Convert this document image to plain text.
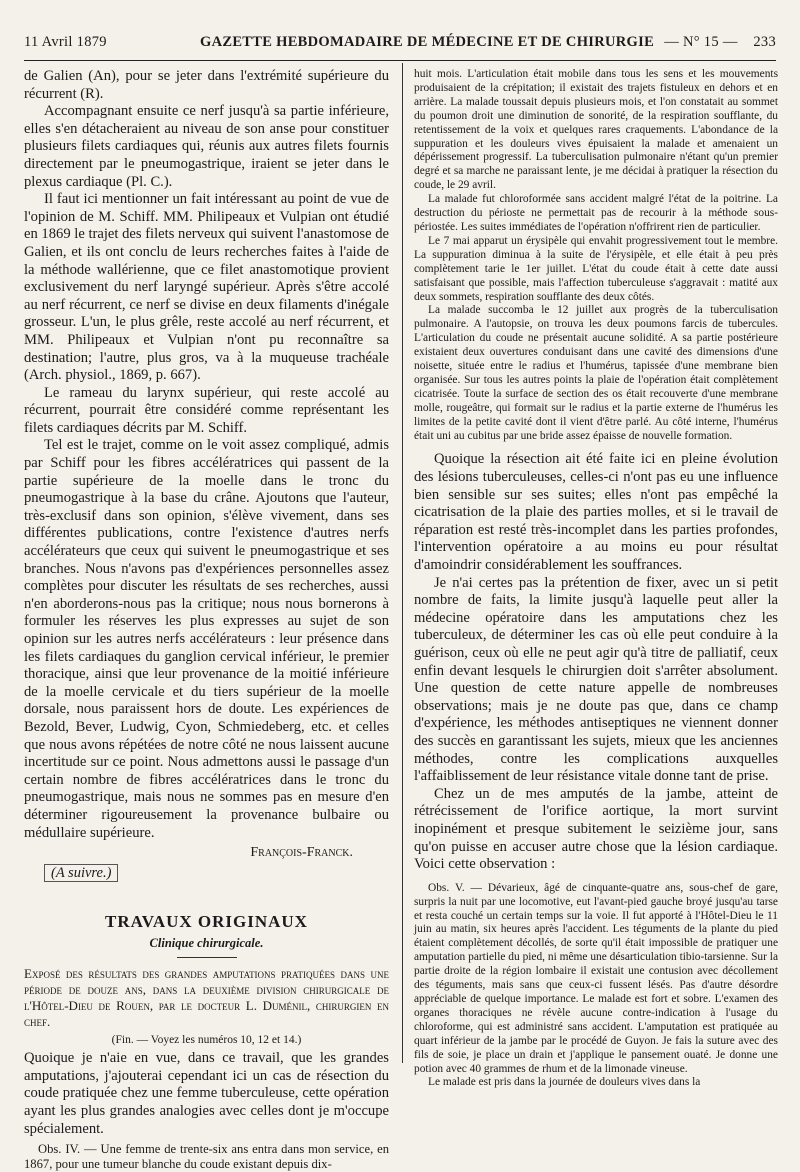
11 Avril 1879	GAZETTE HEBDOMADAIRE DE MÉDECINE ET DE CHIRURGIE — N° 15 — 233

de Galien (An), pour se jeter dans l'extrémité supérieure du récurrent (R).

Accompagnant ensuite ce nerf jusqu'à sa partie inférieure, elles s'en détacheraient au niveau de son anse pour constituer plusieurs filets cardiaques qui, réunis aux autres filets fournis directement par le pneumogastrique, iraient se jeter dans le plexus cardiaque (Pl. C.).

Il faut ici mentionner un fait intéressant au point de vue de l'opinion de M. Schiff. MM. Philipeaux et Vulpian ont étudié en 1869 le trajet des filets nerveux qui suivent l'anastomose de Galien, et ils ont conclu de leurs recherches faites à l'aide de la méthode wallérienne, que ce filet anastomotique provient exclusivement du nerf laryngé supérieur. Après s'être accolé au nerf récurrent, ce nerf se divise en deux filaments d'inégale grosseur. L'un, le plus grêle, reste accolé au nerf récurrent, et MM. Philipeaux et Vulpian n'ont pu reconnaître sa destination; l'autre, plus gros, va à la muqueuse trachéale (Arch. physiol., 1869, p. 667).

Le rameau du larynx supérieur, qui reste accolé au récurrent, pourrait être considéré comme représentant les filets cardiaques décrits par M. Schiff.

Tel est le trajet, comme on le voit assez compliqué, admis par Schiff pour les fibres accélératrices qui passent de la partie supérieure de la moelle dans le tronc du pneumogastrique à la base du crâne. Ajoutons que l'auteur, très-exclusif dans son opinion, s'élève vivement, dans ses différentes publications, contre l'existence d'autres nerfs accélérateurs que ceux qui suivent le pneumogastrique et ses branches. Nous n'avons pas d'expériences personnelles assez complètes pour discuter les résultats de ses recherches, aussi n'en aborderons-nous pas la critique; nous nous bornerons à formuler les réserves les plus expresses au sujet de son opinion sur les autres nerfs accélérateurs : leur présence dans les filets cardiaques du ganglion cervical inférieur, le premier thoracique, ainsi que leur provenance de la moitié inférieure de la moelle cervicale et du tiers supérieur de la moelle dorsale, nous paraissent hors de doute. Les expériences de Bezold, Bever, Ludwig, Cyon, Schmiedeberg, etc. et celles que nous avons répétées de notre côté ne nous laissent aucune incertitude sur ce point. Nous admettons aussi le passage d'un certain nombre de fibres accélératrices dans le tronc du pneumogastrique, mais nous ne sommes pas en mesure d'en déterminer rigoureusement la provenance bulbaire ou médullaire supérieure.

François-Franck.

(A suivre.)

TRAVAUX ORIGINAUX
Clinique chirurgicale.

Exposé des résultats des grandes amputations pratiquées dans une période de douze ans, dans la deuxième division chirurgicale de l'Hôtel-Dieu de Rouen, par le docteur L. Duménil, chirurgien en chef.

(Fin. — Voyez les numéros 10, 12 et 14.)

Quoique je n'aie en vue, dans ce travail, que les grandes amputations, j'ajouterai cependant ici un cas de résection du coude pratiquée chez une femme tuberculeuse, cette opération ayant les plus grandes analogies avec celles dont je m'occupe spécialement.

Obs. IV. — Une femme de trente-six ans entra dans mon service, en 1867, pour une tumeur blanche du coude existant depuis dix-

huit mois. L'articulation était mobile dans tous les sens et les mouvements produisaient de la crépitation; il existait des trajets fistuleux en dehors et en arrière. La malade toussait depuis plusieurs mois, et l'on constatait au sommet du poumon droit une diminution de sonorité, de la respiration soufflante, du retentissement de la voix et quelques rares craquements. L'abondance de la suppuration et les douleurs vives épuisaient la malade et amenaient un dépérissement progressif. La tuberculisation pulmonaire n'étant qu'un premier degré et sa marche ne paraissant lente, je me décidai à pratiquer la résection du coude, le 29 avril.

La malade fut chloroformée sans accident malgré l'état de la poitrine. La destruction du périoste ne permettait pas de recourir à la méthode sous-périostée. Les suites immédiates de l'opération n'offrirent rien de particulier.

Le 7 mai apparut un érysipèle qui envahit progressivement tout le membre. La suppuration diminua à la suite de l'érysipèle, et elle était à peu près complètement tarie le 1er juillet. L'état du coude était à cette date aussi satisfaisant que possible, mais l'affection tuberculeuse s'aggravait : matité aux deux sommets, respiration soufflante des deux côtés.

La malade succomba le 12 juillet aux progrès de la tuberculisation pulmonaire. A l'autopsie, on trouva les deux poumons farcis de tubercules. L'articulation du coude ne présentait aucune solidité. A sa partie postérieure existaient deux ouvertures conduisant dans une cavité des dimensions d'une noisette, située entre le radius et l'humérus, tapissée d'une membrane bien organisée. Sur tous les autres points la plaie de l'opération était complètement cicatrisée. Toute la surface de section des os était recouverte d'une membrane molle, rougeâtre, qui formait sur le radius et la partie externe de l'humérus les limites de la petite cavité dont il vient d'être parlé. Au côté interne, l'humérus était uni au cubitus par une bride assez épaisse de nouvelle formation.

Quoique la résection ait été faite ici en pleine évolution des lésions tuberculeuses, celles-ci n'ont pas eu une influence bien sensible sur ses suites; elles n'ont pas empêché la cicatrisation de la plaie des parties molles, et si le travail de réparation est resté très-incomplet dans les parties profondes, l'intervention opératoire a au moins eu pour résultat d'amoindrir considérablement les souffrances.

Je n'ai certes pas la prétention de fixer, avec un si petit nombre de faits, la limite jusqu'à laquelle peut aller la médecine opératoire dans les amputations chez les tuberculeux, de déterminer les cas où elle peut conduire à la guérison, ceux où elle ne peut agir qu'à titre de palliatif, ceux enfin devant lesquels le chirurgien doit s'arrêter absolument. Une question de cette nature appelle de nombreuses observations; mais je ne doute pas que, dans ce champ d'expérience, les méthodes antiseptiques ne viennent donner des succès en garantissant les sujets, mieux que les anciennes méthodes, contre les complications auxquelles l'affaiblissement de leur résistance vitale donne tant de prise.

Chez un de mes amputés de la jambe, atteint de rétrécissement de l'orifice aortique, la mort survint inopinément et presque subitement le seizième jour, sans qu'on puisse en accuser autre chose que la lésion cardiaque. Voici cette observation :

Obs. V. — Dévarieux, âgé de cinquante-quatre ans, sous-chef de gare, surpris la nuit par une locomotive, eut l'avant-pied gauche broyé jusqu'au tarse et resta couché un certain temps sur la voie. Il fut apporté à l'Hôtel-Dieu le 11 juin au matin, six heures après l'accident. Les téguments de la plante du pied étaient complètement décollés, de sorte qu'il était impossible de pratiquer une amputation partielle du pied, ni même une désarticulation tibio-tarsienne. Sur la partie droite de la région lombaire il existait une contusion avec décollement des téguments, mais sans que ceux-ci fussent lésés. Pas d'autre désordre appréciable de quelque importance. Le malade est fort et sobre. L'examen des organes thoraciques ne révèle aucune contre-indication à l'usage du chloroforme, qui est administré sans accident. L'amputation est pratiquée au quart inférieur de la jambe par le procédé de Guyon. Je fais la suture avec des fils de soie, je place un drain et j'applique le pansement ouaté. Je donne une potion avec 40 grammes de rhum et de la limonade vineuse.

Le malade est pris dans la journée de douleurs vives dans la
